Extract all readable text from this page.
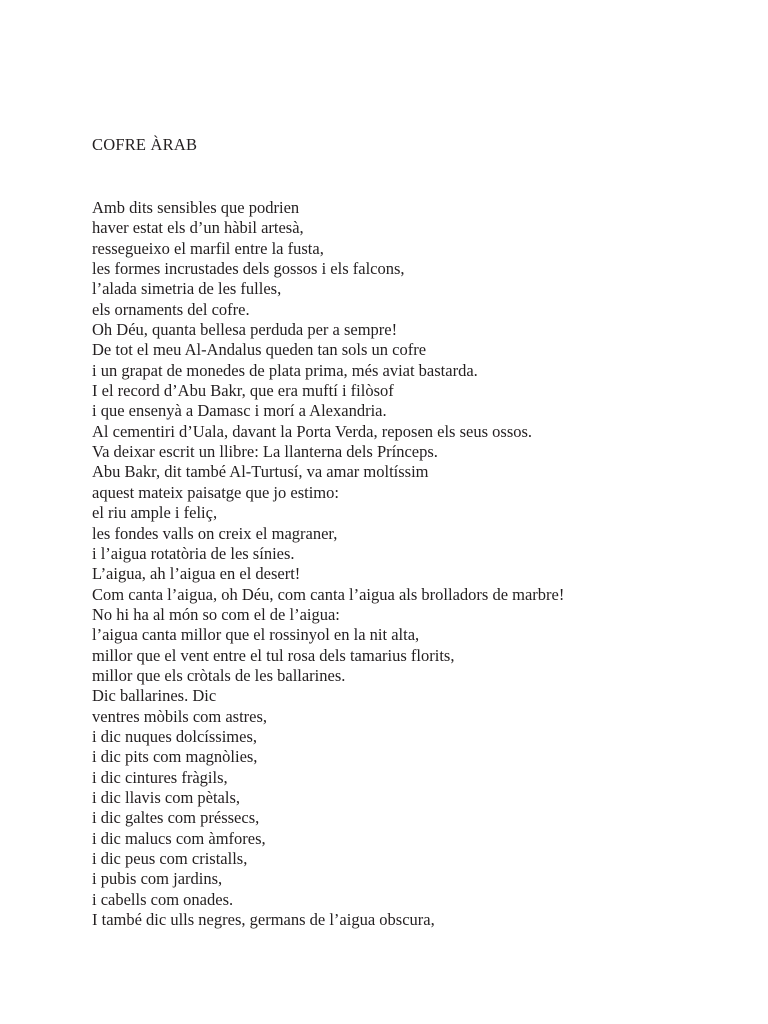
COFRE ÀRAB
Amb dits sensibles que podrien
haver estat els d’un hàbil artesà,
ressegueixo el marfil entre la fusta,
les formes incrustades dels gossos i els falcons,
l’alada simetria de les fulles,
els ornaments del cofre.
Oh Déu, quanta bellesa perduda per a sempre!
De tot el meu Al-Andalus queden tan sols un cofre
i un grapat de monedes de plata prima, més aviat bastarda.
I el record d’Abu Bakr, que era muftí i filòsof
i que ensenyà a Damasc i morí a Alexandria.
Al cementiri d’Uala, davant la Porta Verda, reposen els seus ossos.
Va deixar escrit un llibre: La llanterna dels Prínceps.
Abu Bakr, dit també Al-Turtusí, va amar moltíssim
aquest mateix paisatge que jo estimo:
el riu ample i feliç,
les fondes valls on creix el magraner,
i l’aigua rotatòria de les sínies.
L’aigua, ah l’aigua en el desert!
Com canta l’aigua, oh Déu, com canta l’aigua als brolladors de marbre!
No hi ha al món so com el de l’aigua:
l’aigua canta millor que el rossinyol en la nit alta,
millor que el vent entre el tul rosa dels tamarius florits,
millor que els cròtals de les ballarines.
Dic ballarines. Dic
ventres mòbils com astres,
i dic nuques dolcíssimes,
i dic pits com magnòlies,
i dic cintures fràgils,
i dic llavis com pètals,
i dic galtes com préssecs,
i dic malucs com àmfores,
i dic peus com cristalls,
i pubis com jardins,
i cabells com onades.
I també dic ulls negres, germans de l’aigua obscura,
